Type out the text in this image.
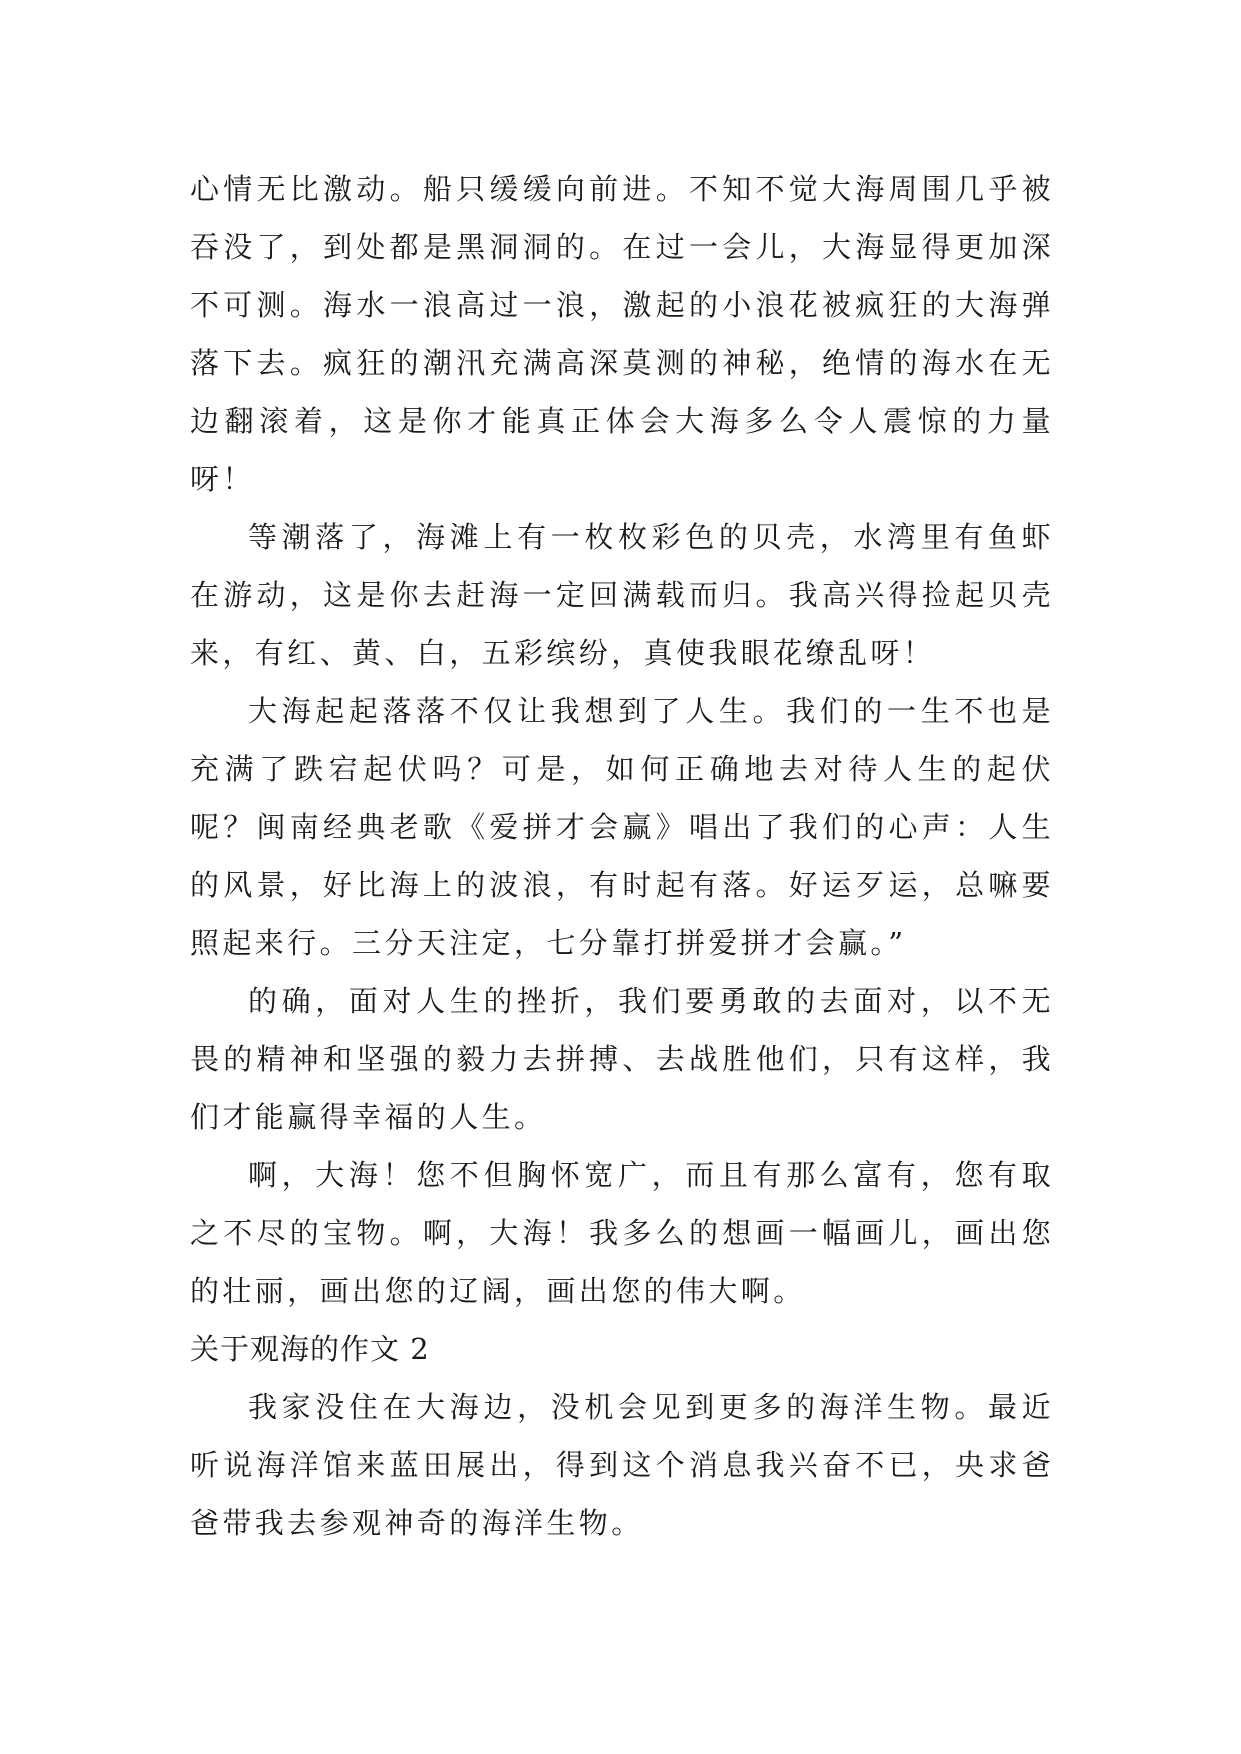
心情无比激动。船只缓缓向前进。不知不觉大海周围几乎被吞没了，到处都是黑洞洞的。在过一会儿，大海显得更加深不可测。海水一浪高过一浪，激起的小浪花被疯狂的大海弹落下去。疯狂的潮汛充满高深莫测的神秘，绝情的海水在无边翻滚着，这是你才能真正体会大海多么令人震惊的力量呀！

等潮落了，海滩上有一枚枚彩色的贝壳，水湾里有鱼虾在游动，这是你去赶海一定回满载而归。我高兴得捡起贝壳来，有红、黄、白，五彩缤纷，真使我眼花缭乱呀！

大海起起落落不仅让我想到了人生。我们的一生不也是充满了跌宕起伏吗？可是，如何正确地去对待人生的起伏呢？闽南经典老歌《爱拼才会赢》唱出了我们的心声：人生的风景，好比海上的波浪，有时起有落。好运歹运，总嘛要照起来行。三分天注定，七分靠打拼爱拼才会赢。”

的确，面对人生的挫折，我们要勇敢的去面对，以不无畏的精神和坚强的毅力去拼搏、去战胜他们，只有这样，我们才能赢得幸福的人生。

啊，大海！您不但胸怀宽广，而且有那么富有，您有取之不尽的宝物。啊，大海！我多么的想画一幅画儿，画出您的壮丽，画出您的辽阔，画出您的伟大啊。

关于观海的作文 2

我家没住在大海边，没机会见到更多的海洋生物。最近听说海洋馆来蓝田展出，得到这个消息我兴奋不已，央求爸爸带我去参观神奇的海洋生物。
